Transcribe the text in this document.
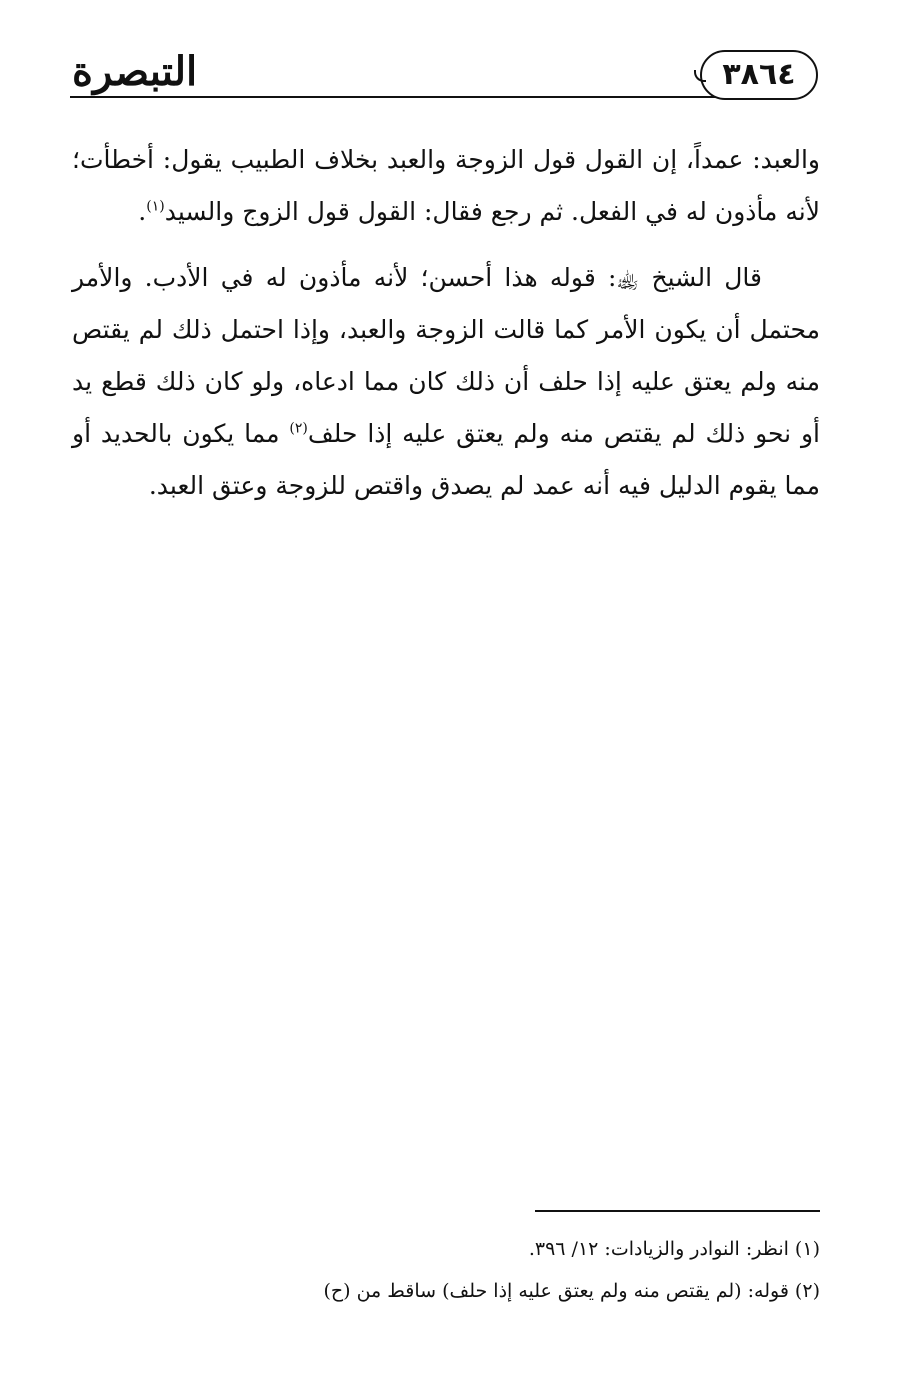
التبصرة	٣٨٦٤

والعبد: عمداً، إن القول قول الزوجة والعبد بخلاف الطبيب يقول: أخطأت؛ لأنه مأذون له في الفعل. ثم رجع فقال: القول قول الزوج والسيد$^{(١)}$.

قال الشيخ ﵀: قوله هذا أحسن؛ لأنه مأذون له في الأدب. والأمر محتمل أن يكون الأمر كما قالت الزوجة والعبد، وإذا احتمل ذلك لم يقتص منه ولم يعتق عليه إذا حلف أن ذلك كان مما ادعاه، ولو كان ذلك قطع يد أو نحو ذلك لم يقتص منه ولم يعتق عليه إذا حلف$^{(٢)}$ مما يكون بالحديد أو مما يقوم الدليل فيه أنه عمد لم يصدق واقتص للزوجة وعتق العبد.

(١) انظر: النوادر والزيادات: ١٢/ ٣٩٦.

(٢) قوله: (لم يقتص منه ولم يعتق عليه إذا حلف) ساقط من (ح)
